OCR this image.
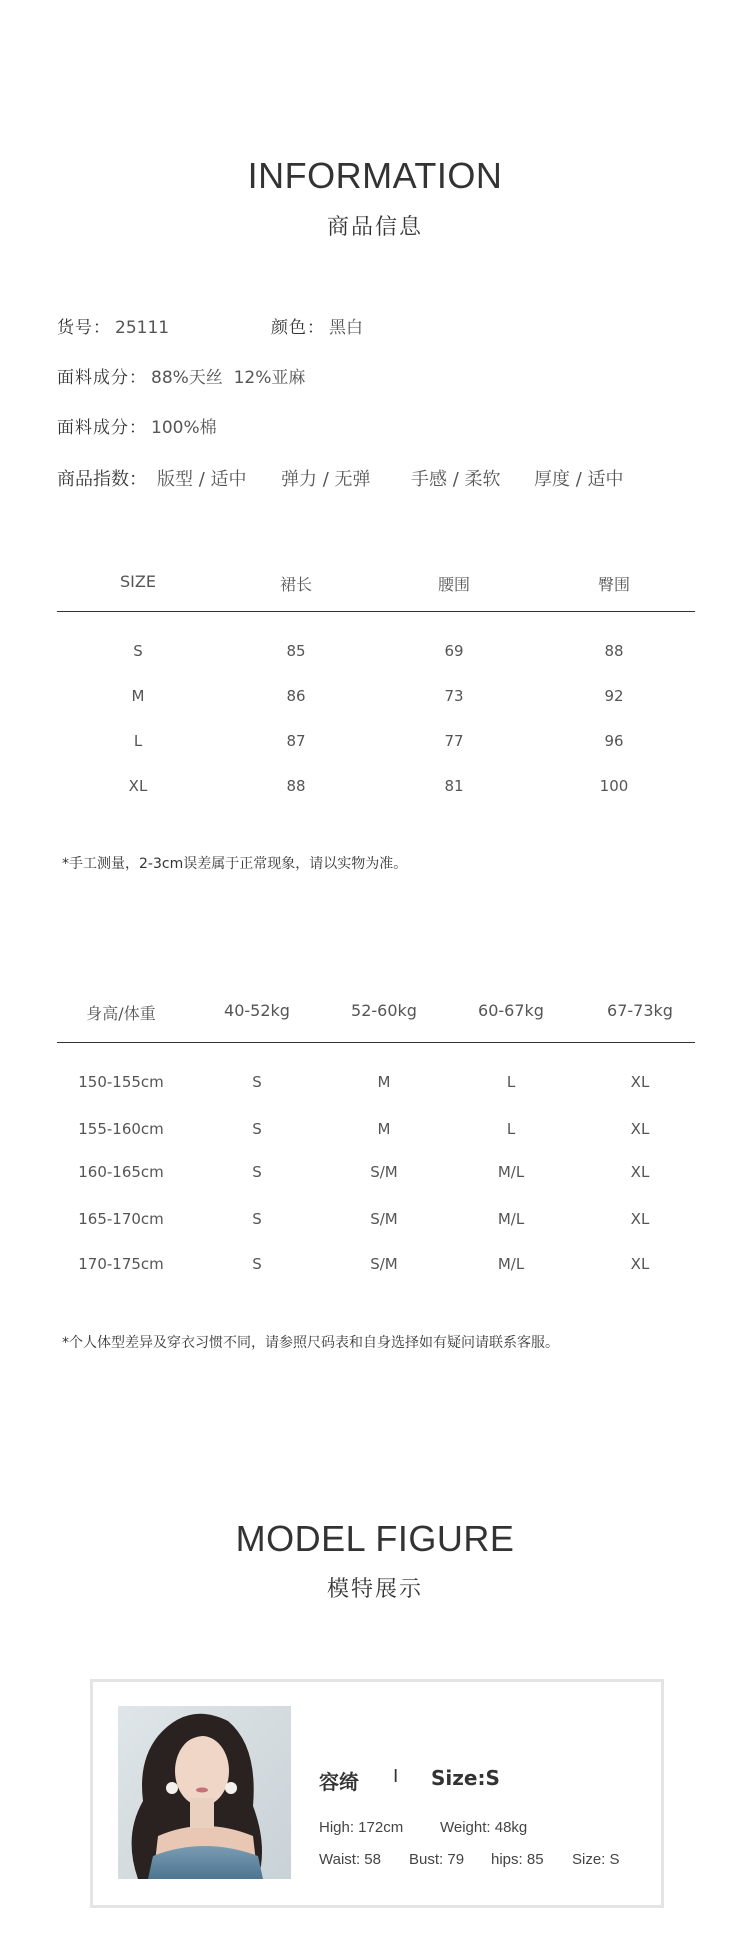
INFORMATION
商品信息
货号： 25111	颜色： 黑白
面料成分： 88%天丝  12%亚麻
面料成分： 100%棉
商品指数： 版型 / 适中 弹力 / 无弹 手感 / 柔软 厚度 / 适中
SIZE	裙长	腰围	臀围
S	85	69	88
M	86	73	92
L	87	77	96
XL	88	81	100
*手工测量，2-3cm误差属于正常现象，请以实物为准。
身高/体重	40-52kg	52-60kg	60-67kg	67-73kg
150-155cm	S	M	L	XL
155-160cm	S	M	L	XL
160-165cm	S	S/M	M/L	XL
165-170cm	S	S/M	M/L	XL
170-175cm	S	S/M	M/L	XL
*个人体型差异及穿衣习惯不同，请参照尺码表和自身选择如有疑问请联系客服。
MODEL FIGURE
模特展示
容绮 I Size:S
High: 172cm Weight: 48kg
Waist: 58 Bust: 79 hips: 85 Size: S
